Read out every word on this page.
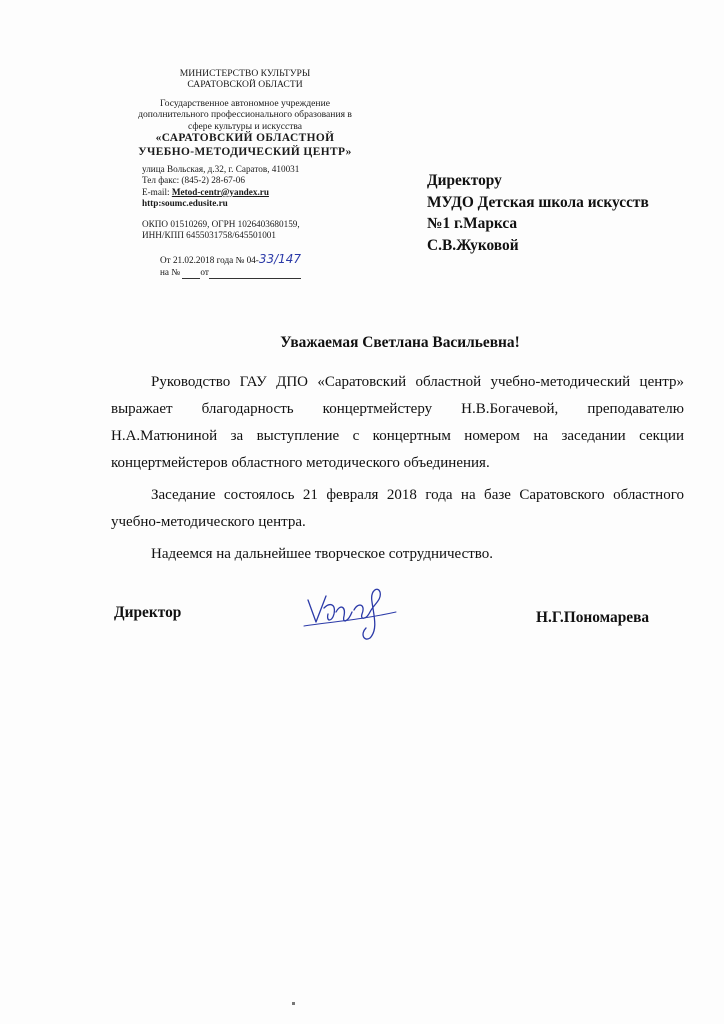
МИНИСТЕРСТВО КУЛЬТУРЫ
САРАТОВСКОЙ ОБЛАСТИ
Государственное автономное учреждение
дополнительного профессионального образования в
сфере культуры и искусства
«САРАТОВСКИЙ ОБЛАСТНОЙ
УЧЕБНО-МЕТОДИЧЕСКИЙ ЦЕНТР»
улица Вольская, д.32, г. Саратов, 410031
Тел факс: (845-2) 28-67-06
E-mail: Metod-centr@yandex.ru
http:soumc.edusite.ru
ОКПО 01510269, ОГРН 1026403680159,
ИНН/КПП 6455031758/645501001
От 21.02.2018 года № 04-33/147
на № от
Директору
МУДО Детская школа искусств
№1 г.Маркса
С.В.Жуковой
Уважаемая Светлана Васильевна!

Руководство ГАУ ДПО «Саратовский областной учебно-методический центр» выражает благодарность концертмейстеру Н.В.Богачевой, преподавателю Н.А.Матюниной за выступление с концертным номером на заседании секции концертмейстеров областного методического объединения.

Заседание состоялось 21 февраля 2018 года на базе Саратовского областного учебно-методического центра.

Надеемся на дальнейшее творческое сотрудничество.

Директор	Н.Г.Пономарева
